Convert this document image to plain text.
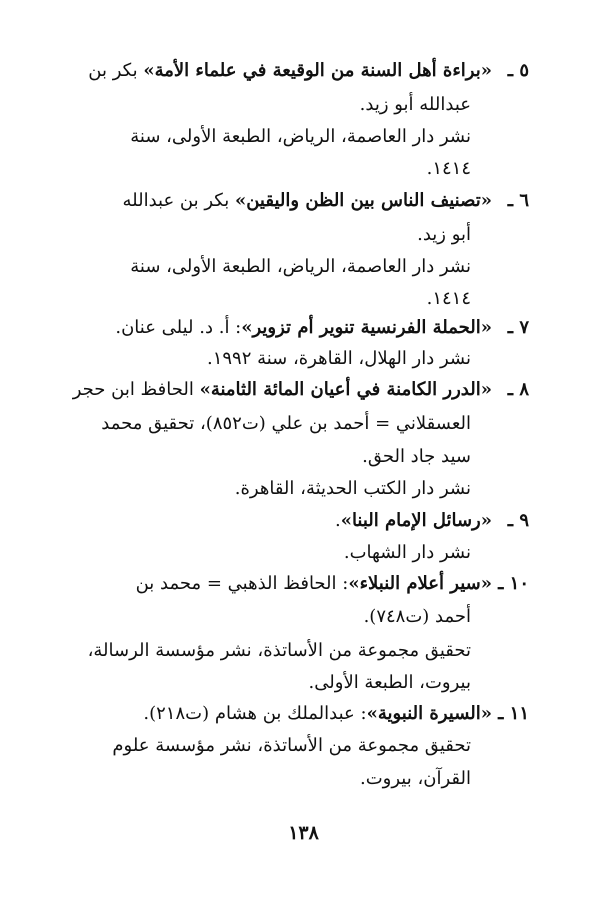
٥ ـ
«براءة أهل السنة من الوقيعة في علماء الأمة» بكر بن
عبدالله أبو زيد.
نشر دار العاصمة، الرياض، الطبعة الأولى، سنة
١٤١٤.
٦ ـ
«تصنيف الناس بين الظن واليقين» بكر بن عبدالله
أبو زيد.
نشر دار العاصمة، الرياض، الطبعة الأولى، سنة
١٤١٤.
٧ ـ
«الحملة الفرنسية تنوير أم تزوير»: أ. د. ليلى عنان.
نشر دار الهلال، القاهرة، سنة ١٩٩٢.
٨ ـ
«الدرر الكامنة في أعيان المائة الثامنة» الحافظ ابن حجر
العسقلاني = أحمد بن علي (ت٨٥٢)، تحقيق محمد
سيد جاد الحق.
نشر دار الكتب الحديثة، القاهرة.
٩ ـ
«رسائل الإمام البنا».
نشر دار الشهاب.
١٠ ـ
«سير أعلام النبلاء»: الحافظ الذهبي = محمد بن
أحمد (ت٧٤٨).
تحقيق مجموعة من الأساتذة، نشر مؤسسة الرسالة،
بيروت، الطبعة الأولى.
١١ ـ
«السيرة النبوية»: عبدالملك بن هشام (ت٢١٨).
تحقيق مجموعة من الأساتذة، نشر مؤسسة علوم
القرآن، بيروت.
١٣٨
